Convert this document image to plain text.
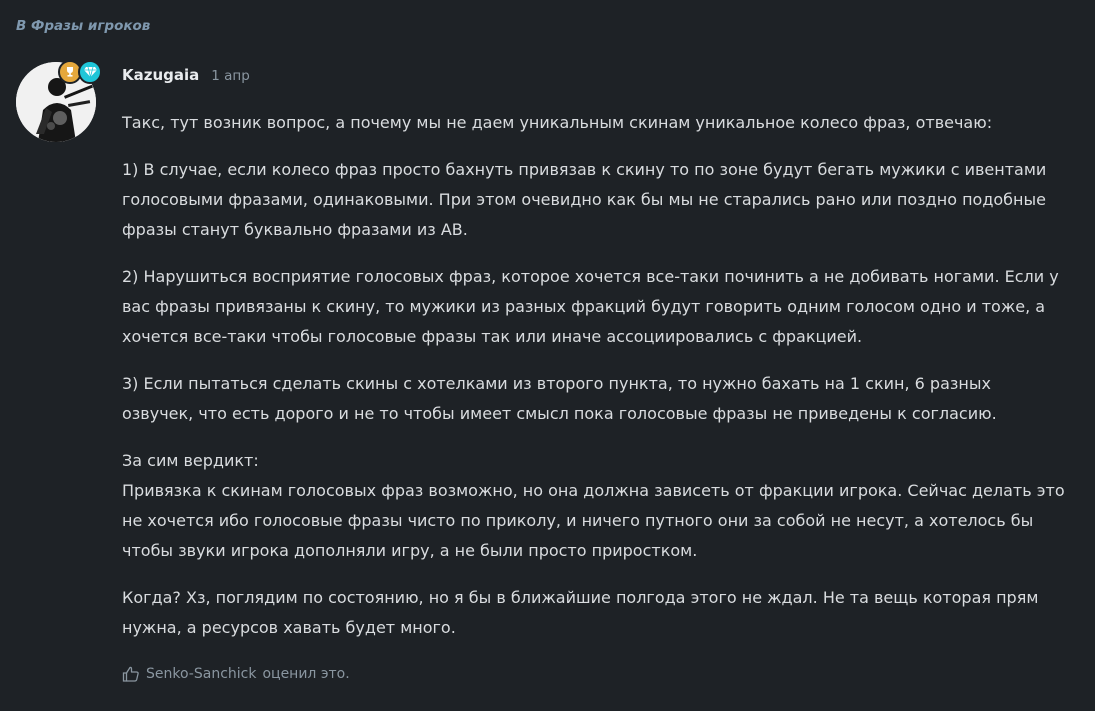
В Фразы игроков
Kazugaia 1 апр

Такс, тут возник вопрос, а почему мы не даем уникальным скинам уникальное колесо фраз, отвечаю:

1) В случае, если колесо фраз просто бахнуть привязав к скину то по зоне будут бегать мужики с ивентами голосовыми фразами, одинаковыми. При этом очевидно как бы мы не старались рано или поздно подобные фразы станут буквально фразами из АВ.

2) Нарушиться восприятие голосовых фраз, которое хочется все-таки починить а не добивать ногами. Если у вас фразы привязаны к скину, то мужики из разных фракций будут говорить одним голосом одно и тоже, а хочется все-таки чтобы голосовые фразы так или иначе ассоциировались с фракцией.

3) Если пытаться сделать скины с хотелками из второго пункта, то нужно бахать на 1 скин, 6 разных озвучек, что есть дорого и не то чтобы имеет смысл пока голосовые фразы не приведены к согласию.

За сим вердикт:
Привязка к скинам голосовых фраз возможно, но она должна зависеть от фракции игрока. Сейчас делать это не хочется ибо голосовые фразы чисто по приколу, и ничего путного они за собой не несут, а хотелось бы чтобы звуки игрока дополняли игру, а не были просто приростком.

Когда? Хз, поглядим по состоянию, но я бы в ближайшие полгода этого не ждал. Не та вещь которая прям нужна, а ресурсов хавать будет много.

Senko-Sanchick оценил это.
